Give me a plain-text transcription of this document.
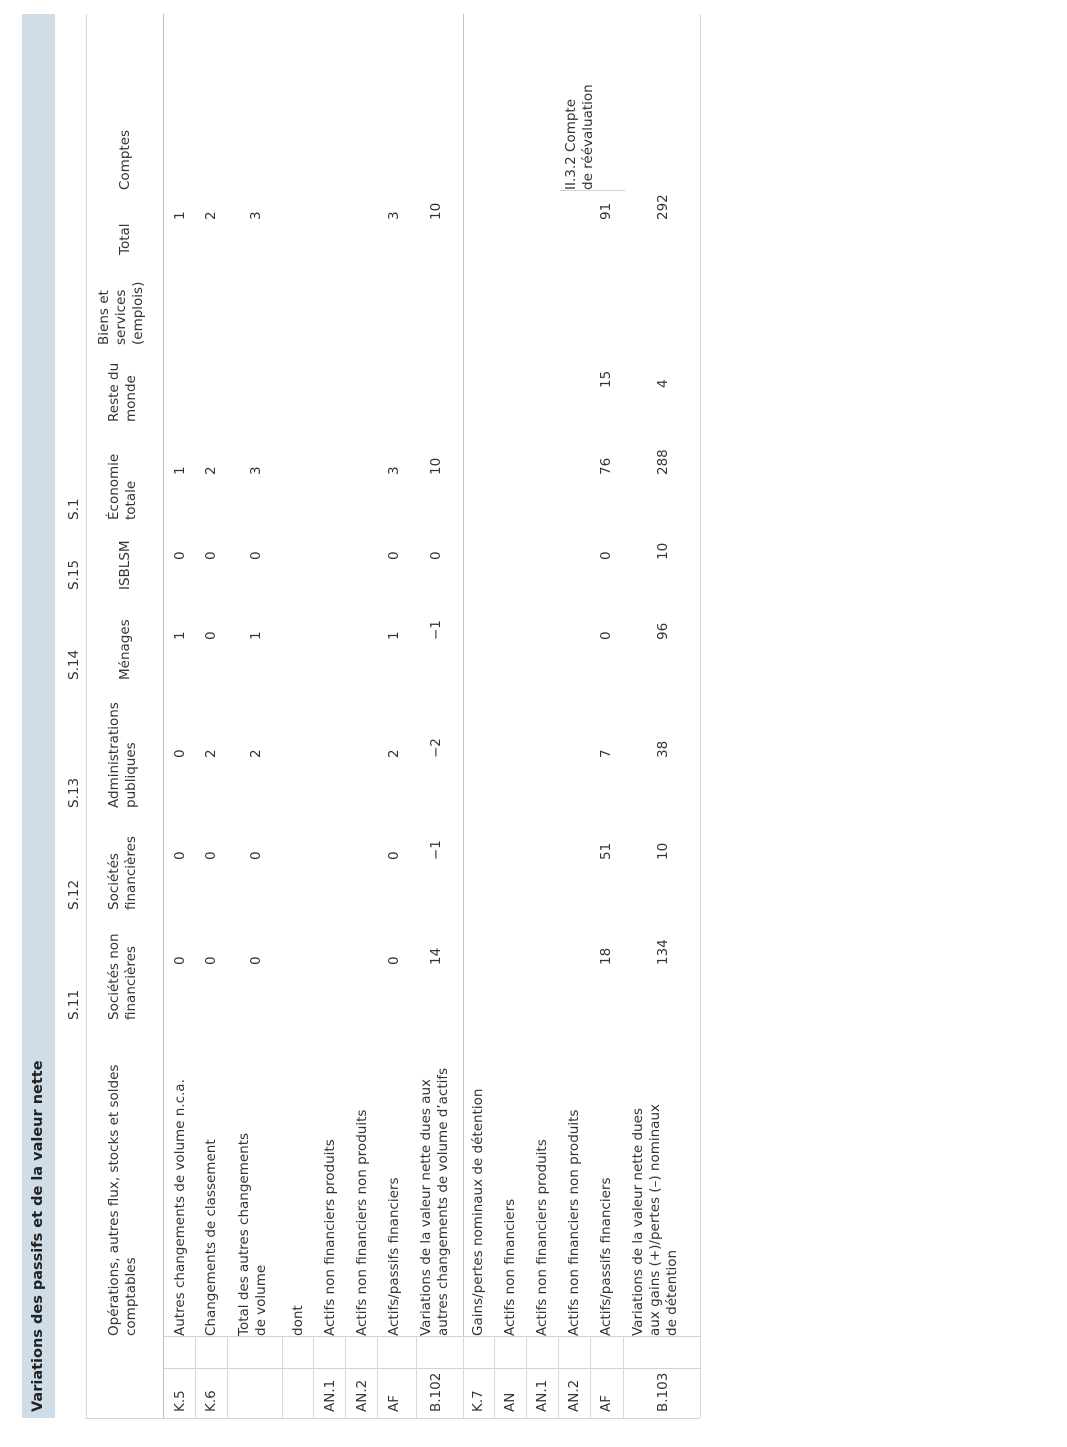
Variations des passifs et de la valeur nette	Opérations, autres flux, stocks et soldes comptables
Sociétés non financières
Sociétés financières
Administrations publiques
Ménages
ISBLSM
Économie totale
Reste du monde
Biens et services (emplois)
Total
S.11
S.12
S.13
S.14
S.15
S.1
Comptes	II.3.2 Compte de réévaluation
K.5
Autres changements de volume n.c.a.
0
0
0
1
0
1
1
K.6
Changements de classement
0
0
2
0
0
2
2
Total des autres changements de volume
0
0
2
1
0
3
3
dont
AN.1
Actifs non financiers produits
AN.2
Actifs non financiers non produits
AF
Actifs/passifs financiers
0
0
2
1
0
3
3
B.102
Variations de la valeur nette dues aux autres changements de volume d’actifs
14
−1
−2
−1
0
10
10
K.7
Gains/pertes nominaux de détention
AN
Actifs non financiers
AN.1
Actifs non financiers produits
AN.2
Actifs non financiers non produits
AF
Actifs/passifs financiers
18
51
7
0
0
76
15
91
B.103
Variations de la valeur nette dues aux gains (+)/pertes (–) nominaux de détention
134
10
38
96
10
288
4
292
